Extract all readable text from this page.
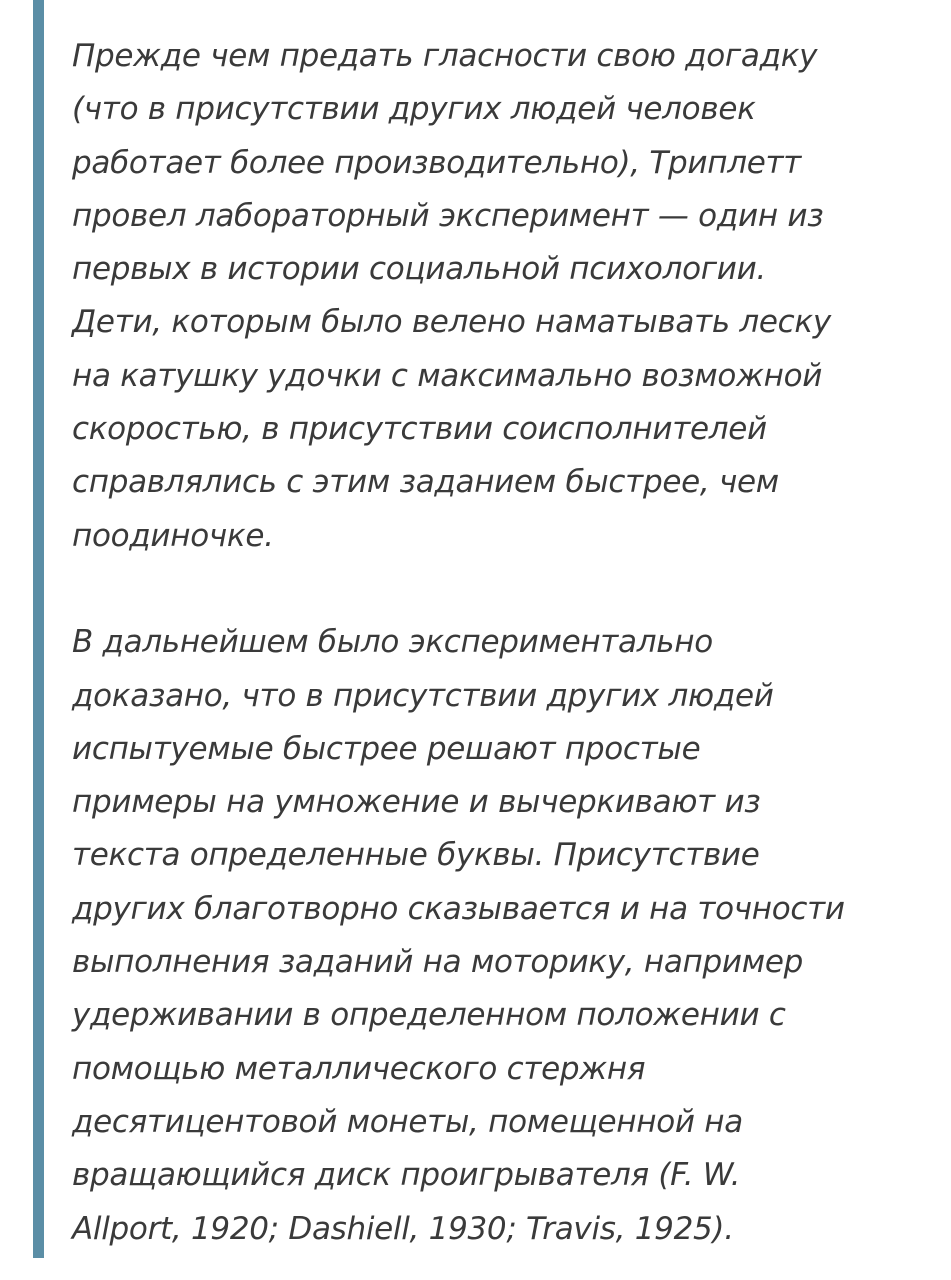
Прежде чем предать гласности свою догадку
(что в присутствии других людей человек
работает более производительно), Триплетт
провел лабораторный эксперимент — один из
первых в истории социальной психологии.
Дети, которым было велено наматывать леску
на катушку удочки с максимально возможной
скоростью, в присутствии соисполнителей
справлялись с этим заданием быстрее, чем
поодиночке.

В дальнейшем было экспериментально
доказано, что в присутствии других людей
испытуемые быстрее решают простые
примеры на умножение и вычеркивают из
текста определенные буквы. Присутствие
других благотворно сказывается и на точности
выполнения заданий на моторику, например
удерживании в определенном положении с
помощью металлического стержня
десятицентовой монеты, помещенной на
вращающийся диск проигрывателя (F. W.
Allport, 1920; Dashiell, 1930; Travis, 1925).
